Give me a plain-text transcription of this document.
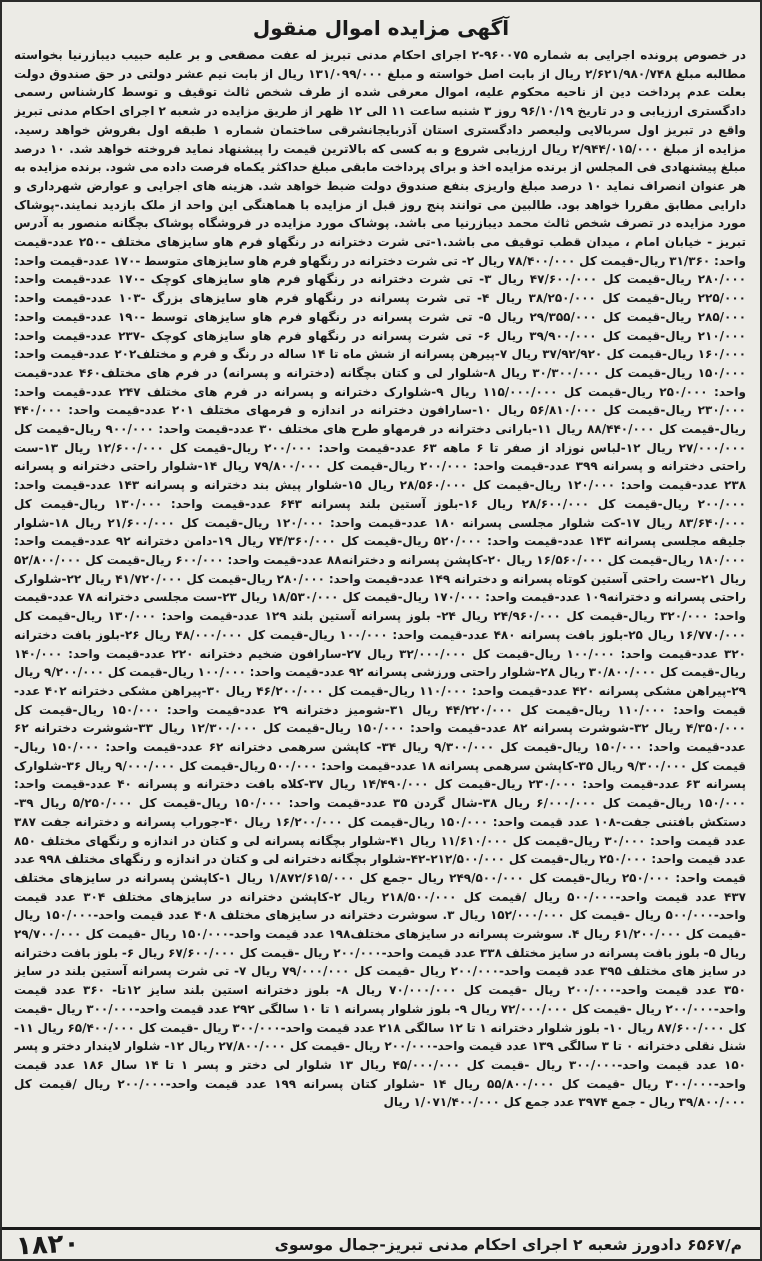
آگهی مزایده اموال منقول
در خصوص پرونده اجرایی به شماره ۹۶۰۰۷۵-۲ اجرای احکام مدنی تبریز له عفت مصقعی و بر علیه حبیب دیبازرنیا بخواسته مطالبه مبلغ ۲/۶۲۱/۹۸۰/۷۴۸ ریال از بابت اصل خواسته و مبلغ ۱۳۱/۰۹۹/۰۰۰ ریال از بابت نیم عشر دولتی در حق صندوق دولت بعلت عدم پرداخت دین از ناحیه محکوم علیه، اموال معرفی شده از طرف شخص ثالث توقیف و توسط کارشناس رسمی دادگستری ارزیابی و در تاریخ ۹۶/۱۰/۱۹ روز ۳ شنبه ساعت ۱۱ الی ۱۲ ظهر از طریق مزایده در شعبه ۲ اجرای احکام مدنی تبریز واقع در تبریز اول سربالایی ولیعصر دادگستری استان آذربایجانشرقی ساختمان شماره ۱ طبقه اول بفروش خواهد رسید. مزایده از مبلغ ۲/۹۴۴/۰۱۵/۰۰۰ ریال ارزیابی شروع و به کسی که بالاترین قیمت را پیشنهاد نماید فروخته خواهد شد. ۱۰ درصد مبلغ پیشنهادی فی المجلس از برنده مزایده اخذ و برای پرداخت مابقی مبلغ حداکثر یکماه فرصت داده می شود. برنده مزایده به هر عنوان انصراف نماید ۱۰ درصد مبلغ واریزی بنفع صندوق دولت ضبط خواهد شد. هزینه های اجرایی و عوارض شهرداری و دارایی مطابق مقررا خواهد بود. طالبین می توانند پنج روز قبل از مزایده با هماهنگی این واحد از ملک بازدید نمایند.-پوشاک مورد مزایده در تصرف شخص ثالث محمد دیبازرنیا می باشد. پوشاک مورد مزایده در فروشگاه پوشاک بچگانه منصور به آدرس تبریز - خیابان امام ، میدان قطب توقیف می باشد.۱-تی شرت دخترانه در رنگهاو فرم هاو سایزهای مختلف -۲۵۰ عدد-قیمت واحد: ۳۱/۳۶۰ ریال-قیمت کل ۷۸/۴۰۰/۰۰۰ ریال ۲- تی شرت دخترانه در رنگهاو فرم هاو سایزهای متوسط -۱۷۰ عدد-قیمت واحد: ۲۸۰/۰۰۰ ریال-قیمت کل ۴۷/۶۰۰/۰۰۰ ریال ۳- تی شرت دخترانه در رنگهاو فرم هاو سایزهای کوچک -۱۷۰ عدد-قیمت واحد: ۲۲۵/۰۰۰ ریال-قیمت کل ۳۸/۲۵۰/۰۰۰ ریال ۴- تی شرت پسرانه در رنگهاو فرم هاو سایزهای بزرگ -۱۰۳ عدد-قیمت واحد: ۲۸۵/۰۰۰ ریال-قیمت کل ۲۹/۳۵۵/۰۰۰ ریال ۵- تی شرت پسرانه در رنگهاو فرم هاو سایزهای توسط -۱۹۰ عدد-قیمت واحد: ۲۱۰/۰۰۰ ریال-قیمت کل ۳۹/۹۰۰/۰۰۰ ریال ۶- تی شرت پسرانه در رنگهاو فرم هاو سایزهای کوچک -۲۳۷ عدد-قیمت واحد: ۱۶۰/۰۰۰ ریال-قیمت کل ۳۷/۹۲/۹۲۰ ریال ۷-پیرهن پسرانه از شش ماه تا ۱۴ ساله در رنگ و فرم و مختلف۲۰۲ عدد-قیمت واحد: ۱۵۰/۰۰۰ ریال-قیمت کل ۳۰/۳۰۰/۰۰۰ ریال ۸-شلوار لی و کتان بچگانه (دخترانه و پسرانه) در فرم های مختلف۴۶۰ عدد-قیمت واحد: ۲۵۰/۰۰۰ ریال-قیمت کل ۱۱۵/۰۰۰/۰۰۰ ریال ۹-شلوارک دخترانه و پسرانه در فرم های مختلف ۲۴۷ عدد-قیمت واحد: ۲۳۰/۰۰۰ ریال-قیمت کل ۵۶/۸۱۰/۰۰۰ ریال ۱۰-سارافون دخترانه در اندازه و فرمهای مختلف ۲۰۱ عدد-قیمت واحد: ۴۴۰/۰۰۰ ریال-قیمت کل ۸۸/۴۴۰/۰۰۰ ریال ۱۱-بارانی دخترانه در فرمهاو طرح های مختلف ۳۰ عدد-قیمت واحد: ۹۰۰/۰۰۰ ریال-قیمت کل ۲۷/۰۰۰/۰۰۰ ریال ۱۲-لباس نوزاد از صفر تا ۶ ماهه ۶۳ عدد-قیمت واحد: ۲۰۰/۰۰۰ ریال-قیمت کل ۱۲/۶۰۰/۰۰۰ ریال ۱۳-ست راحتی دخترانه و پسرانه ۳۹۹ عدد-قیمت واحد: ۲۰۰/۰۰۰ ریال-قیمت کل ۷۹/۸۰۰/۰۰۰ ریال ۱۴-شلوار راحتی دخترانه و پسرانه ۲۳۸ عدد-قیمت واحد: ۱۲۰/۰۰۰ ریال-قیمت کل ۲۸/۵۶۰/۰۰۰ ریال ۱۵-شلوار پیش بند دخترانه و پسرانه ۱۴۳ عدد-قیمت واحد: ۲۰۰/۰۰۰ ریال-قیمت کل ۲۸/۶۰۰/۰۰۰ ریال ۱۶-بلوز آستین بلند پسرانه ۶۴۳ عدد-قیمت واحد: ۱۳۰/۰۰۰ ریال-قیمت کل ۸۳/۶۴۰/۰۰۰ ریال ۱۷-کت شلوار مجلسی پسرانه ۱۸۰ عدد-قیمت واحد: ۱۲۰/۰۰۰ ریال-قیمت کل ۲۱/۶۰۰/۰۰۰ ریال ۱۸-شلوار جلیقه مجلسی پسرانه ۱۴۳ عدد-قیمت واحد: ۵۲۰/۰۰۰ ریال-قیمت کل ۷۴/۳۶۰/۰۰۰ ریال ۱۹-دامن دخترانه ۹۲ عدد-قیمت واحد: ۱۸۰/۰۰۰ ریال-قیمت کل ۱۶/۵۶۰/۰۰۰ ریال ۲۰-کاپشن پسرانه و دخترانه۸۸ عدد-قیمت واحد: ۶۰۰/۰۰۰ ریال-قیمت کل ۵۲/۸۰۰/۰۰۰ ریال ۲۱-ست راحتی آستین کوتاه پسرانه و دخترانه ۱۴۹ عدد-قیمت واحد: ۲۸۰/۰۰۰ ریال-قیمت کل ۴۱/۷۲۰/۰۰۰ ریال ۲۲-شلوارک راحتی پسرانه و دخترانه۱۰۹ عدد-قیمت واحد: ۱۷۰/۰۰۰ ریال-قیمت کل ۱۸/۵۳۰/۰۰۰ ریال ۲۳-ست مجلسی دخترانه ۷۸ عدد-قیمت واحد: ۳۲۰/۰۰۰ ریال-قیمت کل ۲۴/۹۶۰/۰۰۰ ریال ۲۴- بلوز پسرانه آستین بلند ۱۲۹ عدد-قیمت واحد: ۱۳۰/۰۰۰ ریال-قیمت کل ۱۶/۷۷۰/۰۰۰ ریال ۲۵-بلوز بافت پسرانه ۴۸۰ عدد-قیمت واحد: ۱۰۰/۰۰۰ ریال-قیمت کل ۴۸/۰۰۰/۰۰۰ ریال ۲۶-بلوز بافت دخترانه ۳۲۰ عدد-قیمت واحد: ۱۰۰/۰۰۰ ریال-قیمت کل ۳۲/۰۰۰/۰۰۰ ریال ۲۷-سارافون ضخیم دخترانه ۲۲۰ عدد-قیمت واحد: ۱۴۰/۰۰۰ ریال-قیمت کل ۳۰/۸۰۰/۰۰۰ ریال ۲۸-شلوار راحتی ورزشی پسرانه ۹۲ عدد-قیمت واحد: ۱۰۰/۰۰۰ ریال-قیمت کل ۹/۲۰۰/۰۰۰ ریال ۲۹-پیراهن مشکی پسرانه ۴۲۰ عدد-قیمت واحد: ۱۱۰/۰۰۰ ریال-قیمت کل ۴۶/۲۰۰/۰۰۰ ریال ۳۰-پیراهن مشکی دخترانه ۴۰۲ عدد-قیمت واحد: ۱۱۰/۰۰۰ ریال-قیمت کل ۴۴/۲۲۰/۰۰۰ ریال ۳۱-شومیز دخترانه ۲۹ عدد-قیمت واحد: ۱۵۰/۰۰۰ ریال-قیمت کل ۴/۳۵۰/۰۰۰ ریال ۳۲-شوشرت پسرانه ۸۲ عدد-قیمت واحد: ۱۵۰/۰۰۰ ریال-قیمت کل ۱۲/۳۰۰/۰۰۰ ریال ۳۳-شوشرت دخترانه ۶۲ عدد-قیمت واحد: ۱۵۰/۰۰۰ ریال-قیمت کل ۹/۳۰۰/۰۰۰ ریال ۳۴- کاپشن سرهمی دخترانه ۶۲ عدد-قیمت واحد: ۱۵۰/۰۰۰ ریال-قیمت کل ۹/۳۰۰/۰۰۰ ریال ۳۵-کاپشن سرهمی پسرانه ۱۸ عدد-قیمت واحد: ۵۰۰/۰۰۰ ریال-قیمت کل ۹/۰۰۰/۰۰۰ ریال ۳۶-شلوارک پسرانه ۶۳ عدد-قیمت واحد: ۲۳۰/۰۰۰ ریال-قیمت کل ۱۴/۴۹۰/۰۰۰ ریال ۳۷-کلاه بافت دخترانه و پسرانه ۴۰ عدد-قیمت واحد: ۱۵۰/۰۰۰ ریال-قیمت کل ۶/۰۰۰/۰۰۰ ریال ۳۸-شال گردن ۳۵ عدد-قیمت واحد: ۱۵۰/۰۰۰ ریال-قیمت کل ۵/۲۵۰/۰۰۰ ریال ۳۹-دستکش بافتنی جفت-۱۰۸ عدد قیمت واحد: ۱۵۰/۰۰۰ ریال-قیمت کل ۱۶/۲۰۰/۰۰۰ ریال ۴۰-جوراب پسرانه و دخترانه جفت ۳۸۷ عدد قیمت واحد: ۳۰/۰۰۰ ریال-قیمت کل ۱۱/۶۱۰/۰۰۰ ریال ۴۱-شلوار بچگانه پسرانه لی و کتان در اندازه و رنگهای مختلف ۸۵۰ عدد قیمت واحد: ۲۵۰/۰۰۰ ریال-قیمت کل ۲۱۲/۵۰۰/۰۰۰-۴۲-شلوار بچگانه دخترانه لی و کتان در اندازه و رنگهای مختلف ۹۹۸ عدد قیمت واحد: ۲۵۰/۰۰۰ ریال-قیمت کل ۲۴۹/۵۰۰/۰۰۰ ریال -جمع کل ۱/۸۷۲/۶۱۵/۰۰۰ ریال ۱-کاپشن پسرانه در سایزهای مختلف ۴۳۷ عدد قیمت واحد-۵۰۰/۰۰۰ ریال /قیمت کل ۲۱۸/۵۰۰/۰۰۰ ریال ۲-کاپشن دخترانه در سایزهای مختلف ۳۰۴ عدد قیمت واحد-۵۰۰/۰۰۰ ریال -قیمت کل ۱۵۲/۰۰۰/۰۰۰ ریال ۳. سوشرت دخترانه در سایزهای مختلف ۴۰۸ عدد قیمت واحد-۱۵۰/۰۰۰ ریال -قیمت کل ۶۱/۲۰۰/۰۰۰ ریال ۴. سوشرت پسرانه در سایزهای مختلف۱۹۸ عدد قیمت واحد-۱۵۰/۰۰۰ ریال -قیمت کل ۲۹/۷۰۰/۰۰۰ ریال ۵- بلوز بافت پسرانه در سایز مختلف ۳۳۸ عدد قیمت واحد-۲۰۰/۰۰۰ ریال -قیمت کل ۶۷/۶۰۰/۰۰۰ ریال ۶- بلوز بافت دخترانه در سایز های مختلف ۳۹۵ عدد قیمت واحد-۲۰۰/۰۰۰ ریال -قیمت کل ۷۹/۰۰۰/۰۰۰ ریال ۷- تی شرت پسرانه آستین بلند در سایز ۳۵۰ عدد قیمت واحد-۲۰۰/۰۰۰ ریال -قیمت کل ۷۰/۰۰۰/۰۰۰ ریال ۸- بلوز دخترانه استین بلند سایز ۱۲تا- ۳۶۰ عدد قیمت واحد-۲۰۰/۰۰۰ ریال -قیمت کل ۷۲/۰۰۰/۰۰۰ ریال ۹- بلوز شلوار پسرانه ۱ تا ۱۰ سالگی ۲۹۲ عدد قیمت واحد-۳۰۰/۰۰۰ ریال -قیمت کل ۸۷/۶۰۰/۰۰۰ ریال ۱۰- بلوز شلوار دخترانه ۱ تا ۱۲ سالگی ۲۱۸ عدد قیمت واحد-۳۰۰/۰۰۰ ریال -قیمت کل ۶۵/۴۰۰/۰۰۰ ریال ۱۱- شنل نقلی دخترانه ۰ تا ۳ سالگی ۱۳۹ عدد قیمت واحد-۲۰۰/۰۰۰ ریال -قیمت کل ۲۷/۸۰۰/۰۰۰ ریال ۱۲- شلوار لایندار دختر و پسر ۱۵۰ عدد قیمت واحد-۳۰۰/۰۰۰ ریال -قیمت کل ۴۵/۰۰۰/۰۰۰ ریال ۱۳ شلوار لی دختر و پسر ۱ تا ۱۴ سال ۱۸۶ عدد قیمت واحد-۳۰۰/۰۰۰ ریال -قیمت کل ۵۵/۸۰۰/۰۰۰ ریال ۱۴ -شلوار کتان پسرانه ۱۹۹ عدد قیمت واحد-۲۰۰/۰۰۰ ریال /قیمت کل ۳۹/۸۰۰/۰۰۰ ریال - جمع ۳۹۷۴ عدد جمع کل ۱/۰۷۱/۴۰۰/۰۰۰ ریال
م/۶۵۶۷ دادورز شعبه ۲ اجرای احکام مدنی تبریز-جمال موسوی
۱۸۲۰
